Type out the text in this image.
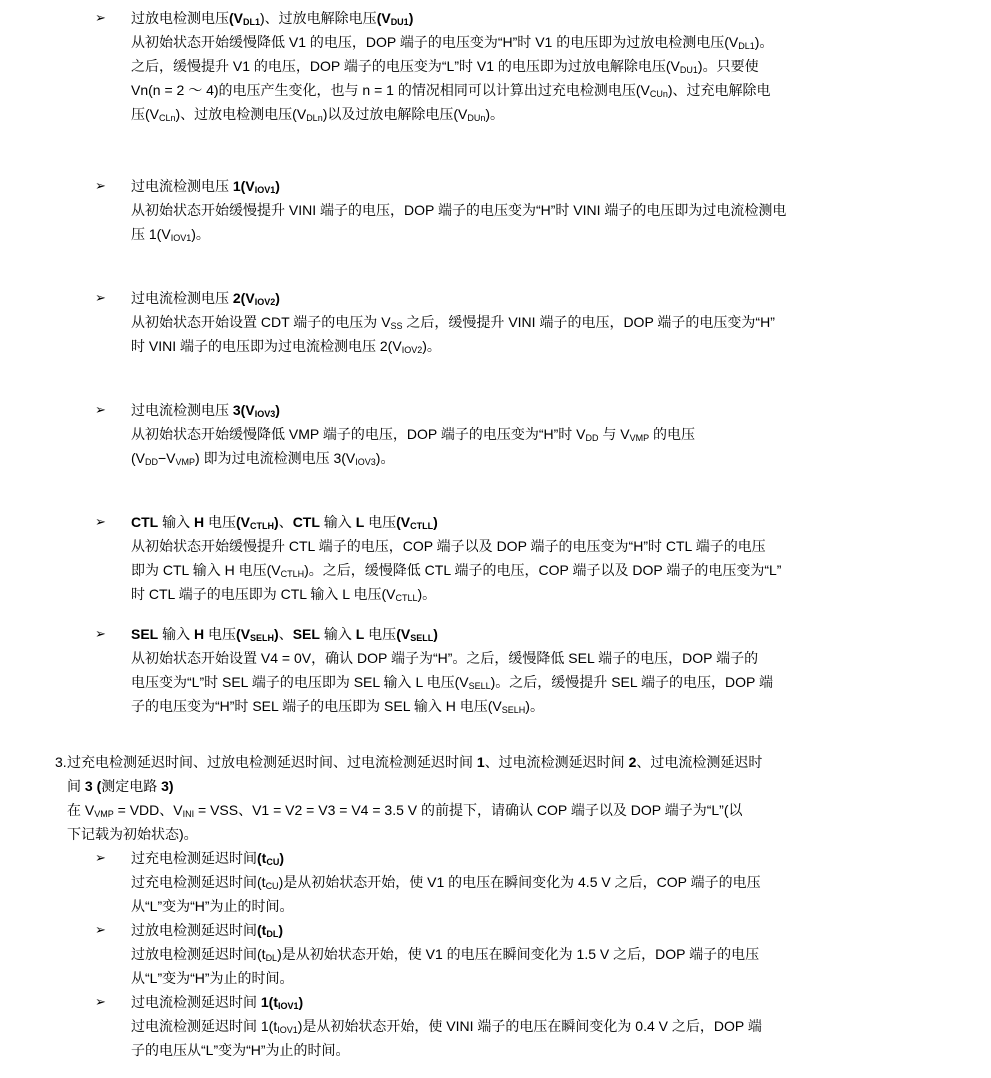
➢	过放电检测电压$(V_{DL1})$、过放电解除电压$(V_{DU1})$
从初始状态开始缓慢降低 V1 的电压，DOP 端子的电压变为“H”时 V1 的电压即为过放电检测电压$(V_{DL1})$。
之后，缓慢提升 V1 的电压，DOP 端子的电压变为“L”时 V1 的电压即为过放电解除电压$(V_{DU1})$。只要使
Vn(n = 2 ～ 4)的电压产生变化，也与 n = 1 的情况相同可以计算出过充电检测电压$(V_{CUn})$、过充电解除电
压$(V_{CLn})$、过放电检测电压$(V_{DLn})$以及过放电解除电压$(V_{DUn})$。
➢	过电流检测电压 $1(V_{IOV1})$
从初始状态开始缓慢提升 VINI 端子的电压，DOP 端子的电压变为“H”时 VINI 端子的电压即为过电流检测电
压 $1(V_{IOV1})$。
➢	过电流检测电压 $2(V_{IOV2})$
从初始状态开始设置 CDT 端子的电压为 $V_{SS}$ 之后，缓慢提升 VINI 端子的电压，DOP 端子的电压变为“H”
时 VINI 端子的电压即为过电流检测电压 $2(V_{IOV2})$。
➢	过电流检测电压 $3(V_{IOV3})$
从初始状态开始缓慢降低 VMP 端子的电压，DOP 端子的电压变为“H”时 $V_{DD}$ 与 $V_{VMP}$ 的电压
$(V_{DD}-V_{VMP})$ 即为过电流检测电压 $3(V_{IOV3})$。
➢	CTL 输入 H 电压$(V_{CTLH})$、CTL 输入 L 电压$(V_{CTLL})$
从初始状态开始缓慢提升 CTL 端子的电压，COP 端子以及 DOP 端子的电压变为“H”时 CTL 端子的电压
即为 CTL 输入 H 电压$(V_{CTLH})$。之后，缓慢降低 CTL 端子的电压，COP 端子以及 DOP 端子的电压变为“L”
时 CTL 端子的电压即为 CTL 输入 L 电压$(V_{CTLL})$。
➢	SEL 输入 H 电压$(V_{SELH})$、SEL 输入 L 电压$(V_{SELL})$
从初始状态开始设置 V4 = 0V，确认 DOP 端子为“H”。之后，缓慢降低 SEL 端子的电压，DOP 端子的
电压变为“L”时 SEL 端子的电压即为 SEL 输入 L 电压$(V_{SELL})$。之后，缓慢提升 SEL 端子的电压，DOP 端
子的电压变为“H”时 SEL 端子的电压即为 SEL 输入 H 电压$(V_{SELH})$。
3. 过充电检测延迟时间、过放电检测延迟时间、过电流检测延迟时间 1、过电流检测延迟时间 2、过电流检测延迟时
间 3 (测定电路 3)
在 $V_{VMP}$ = VDD、$V_{INI}$ = VSS、V1 = V2 = V3 = V4 = 3.5 V 的前提下，请确认 COP 端子以及 DOP 端子为“L”(以
下记载为初始状态)。
➢	过充电检测延迟时间$(t_{CU})$
过充电检测延迟时间$(t_{CU})$是从初始状态开始，使 V1 的电压在瞬间变化为 4.5 V 之后，COP 端子的电压
从“L”变为“H”为止的时间。
➢	过放电检测延迟时间$(t_{DL})$
过放电检测延迟时间$(t_{DL})$是从初始状态开始，使 V1 的电压在瞬间变化为 1.5 V 之后，DOP 端子的电压
从“L”变为“H”为止的时间。
➢	过电流检测延迟时间 $1(t_{IOV1})$
过电流检测延迟时间 $1(t_{IOV1})$是从初始状态开始，使 VINI 端子的电压在瞬间变化为 0.4 V 之后，DOP 端
子的电压从“L”变为“H”为止的时间。
